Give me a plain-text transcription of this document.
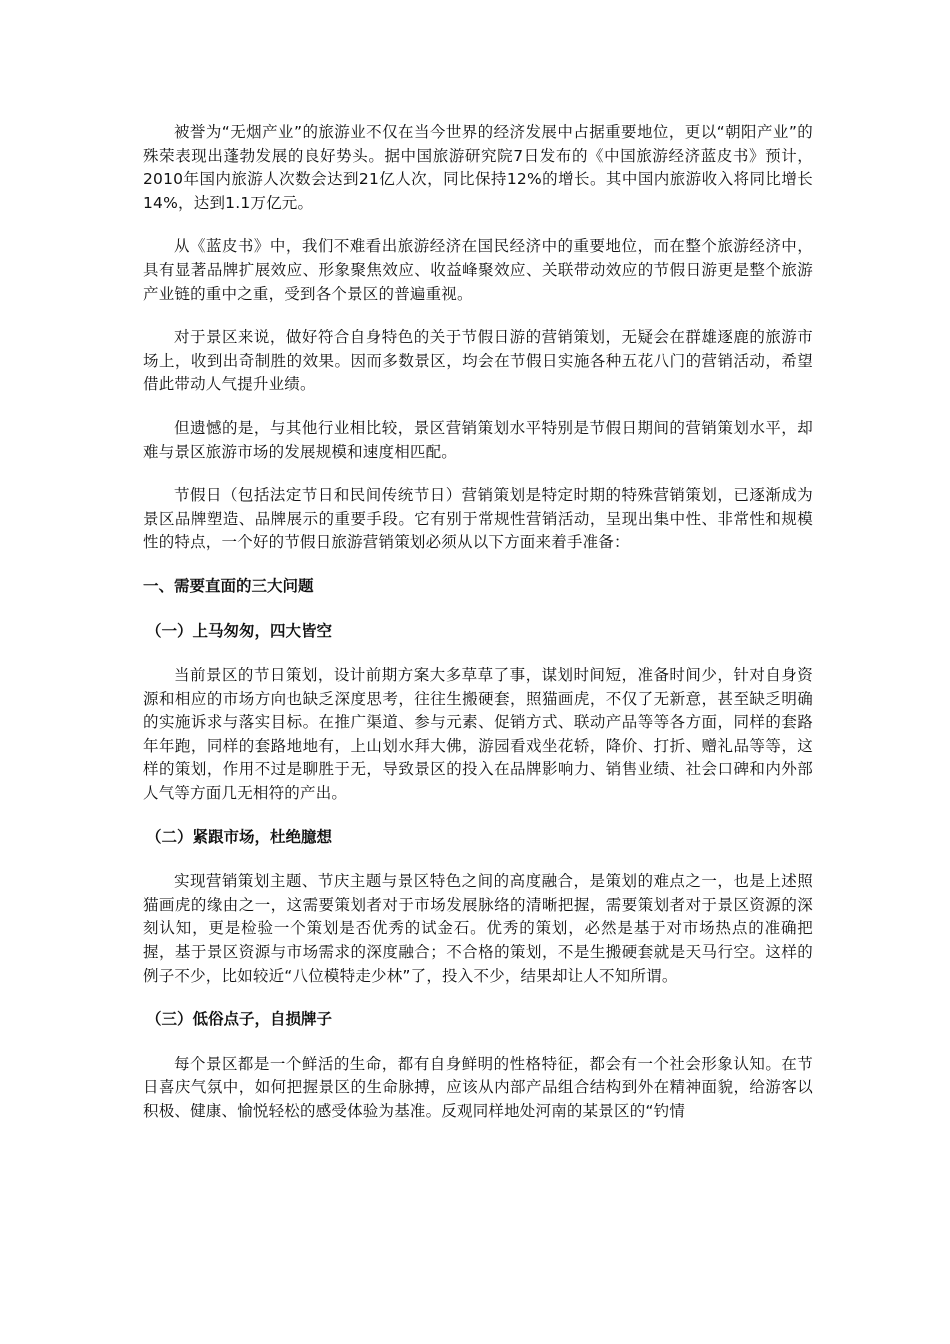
被誉为“无烟产业”的旅游业不仅在当今世界的经济发展中占据重要地位，更以“朝阳产业”的殊荣表现出蓬勃发展的良好势头。据中国旅游研究院7日发布的《中国旅游经济蓝皮书》预计，2010年国内旅游人次数会达到21亿人次，同比保持12%的增长。其中国内旅游收入将同比增长14%，达到1.1万亿元。

从《蓝皮书》中，我们不难看出旅游经济在国民经济中的重要地位，而在整个旅游经济中，具有显著品牌扩展效应、形象聚焦效应、收益峰聚效应、关联带动效应的节假日游更是整个旅游产业链的重中之重，受到各个景区的普遍重视。

对于景区来说，做好符合自身特色的关于节假日游的营销策划，无疑会在群雄逐鹿的旅游市场上，收到出奇制胜的效果。因而多数景区，均会在节假日实施各种五花八门的营销活动，希望借此带动人气提升业绩。

但遗憾的是，与其他行业相比较，景区营销策划水平特别是节假日期间的营销策划水平，却难与景区旅游市场的发展规模和速度相匹配。

节假日（包括法定节日和民间传统节日）营销策划是特定时期的特殊营销策划，已逐渐成为景区品牌塑造、品牌展示的重要手段。它有别于常规性营销活动，呈现出集中性、非常性和规模性的特点，一个好的节假日旅游营销策划必须从以下方面来着手准备：

一、需要直面的三大问题
（一）上马匆匆，四大皆空

当前景区的节日策划，设计前期方案大多草草了事，谋划时间短，准备时间少，针对自身资源和相应的市场方向也缺乏深度思考，往往生搬硬套，照猫画虎，不仅了无新意，甚至缺乏明确的实施诉求与落实目标。在推广渠道、参与元素、促销方式、联动产品等等各方面，同样的套路年年跑，同样的套路地地有，上山划水拜大佛，游园看戏坐花轿，降价、打折、赠礼品等等，这样的策划，作用不过是聊胜于无，导致景区的投入在品牌影响力、销售业绩、社会口碑和内外部人气等方面几无相符的产出。

（二）紧跟市场，杜绝臆想

实现营销策划主题、节庆主题与景区特色之间的高度融合，是策划的难点之一，也是上述照猫画虎的缘由之一，这需要策划者对于市场发展脉络的清晰把握，需要策划者对于景区资源的深刻认知，更是检验一个策划是否优秀的试金石。优秀的策划，必然是基于对市场热点的准确把握，基于景区资源与市场需求的深度融合；不合格的策划，不是生搬硬套就是天马行空。这样的例子不少，比如较近“八位模特走少林”了，投入不少，结果却让人不知所谓。

（三）低俗点子，自损牌子

每个景区都是一个鲜活的生命，都有自身鲜明的性格特征，都会有一个社会形象认知。在节日喜庆气氛中，如何把握景区的生命脉搏，应该从内部产品组合结构到外在精神面貌，给游客以积极、健康、愉悦轻松的感受体验为基准。反观同样地处河南的某景区的“钓情
